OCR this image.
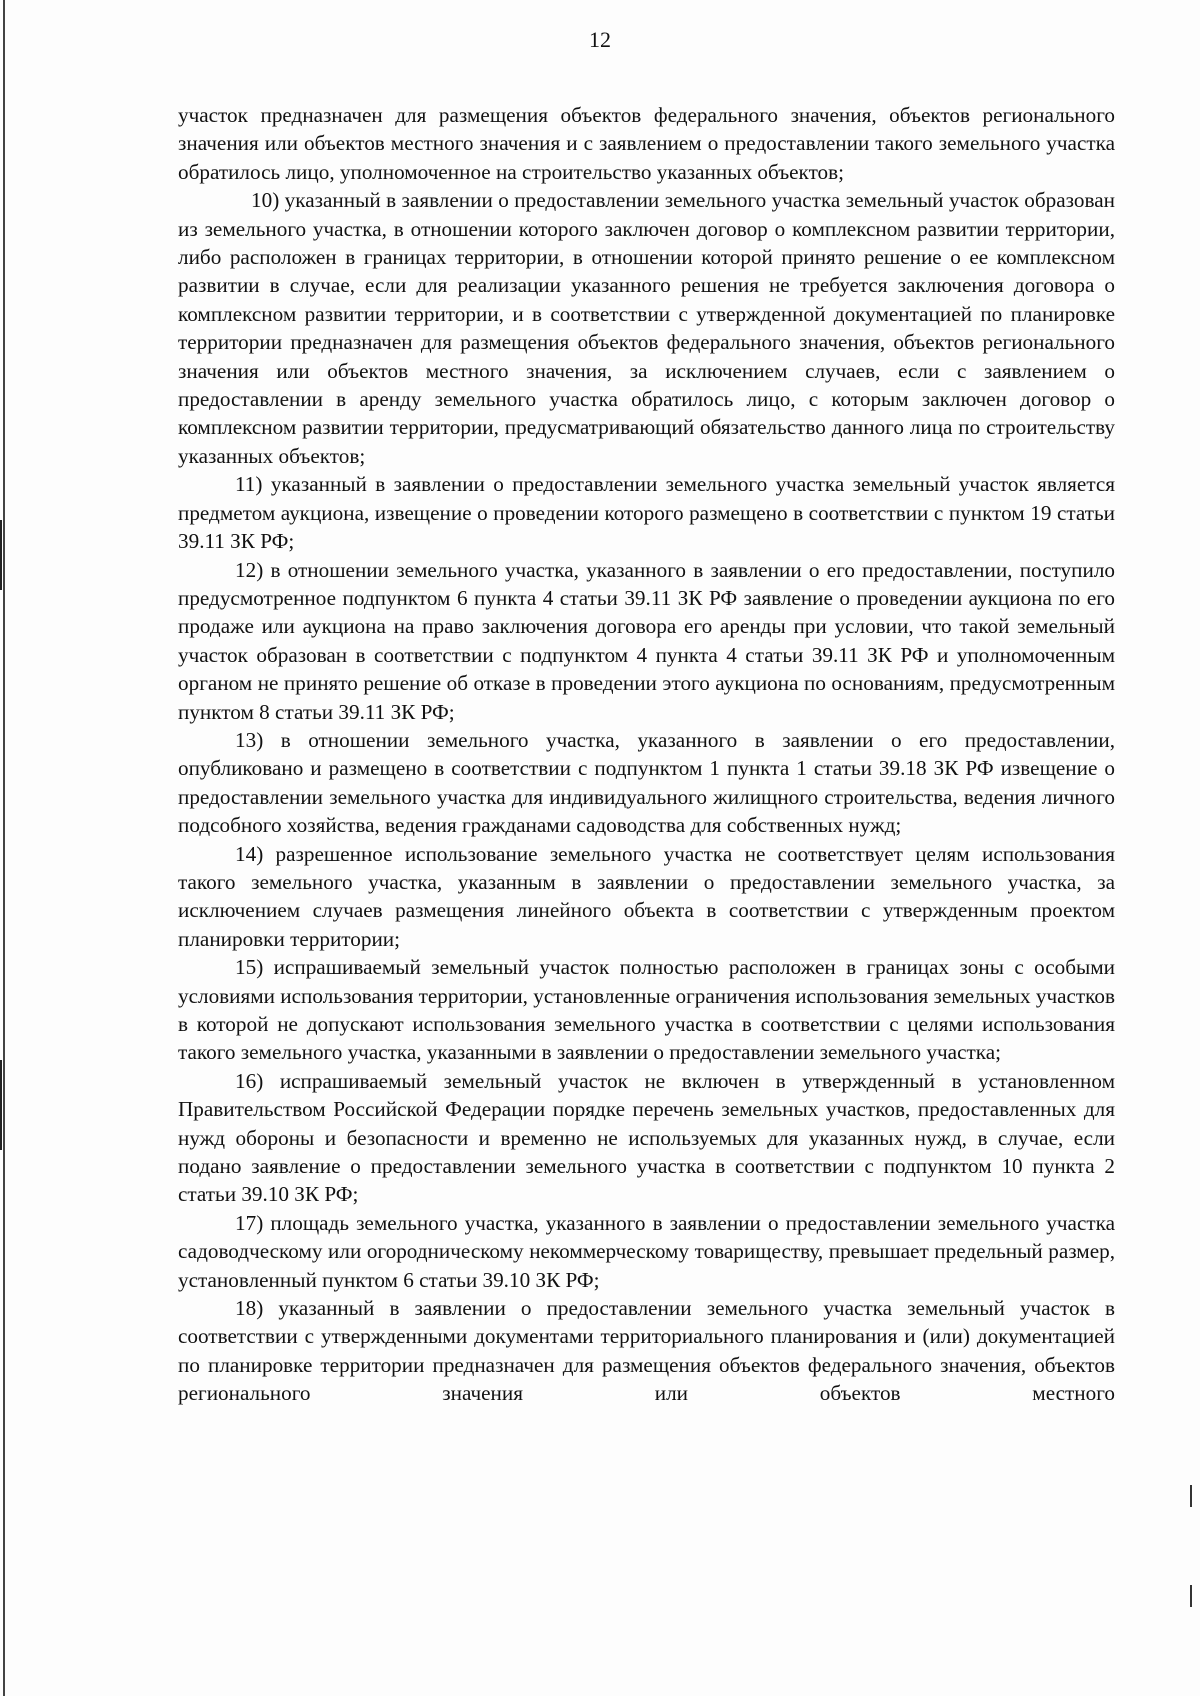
12

участок предназначен для размещения объектов федерального значения, объектов регионального значения или объектов местного значения и с заявлением о предоставлении такого земельного участка обратилось лицо, уполномоченное на строительство указанных объектов;

10) указанный в заявлении о предоставлении земельного участка земельный участок образован из земельного участка, в отношении которого заключен договор о комплексном развитии территории, либо расположен в границах территории, в отношении которой принято решение о ее комплексном развитии в случае, если для реализации указанного решения не требуется заключения договора о комплексном развитии территории, и в соответствии с утвержденной документацией по планировке территории предназначен для размещения объектов федерального значения, объектов регионального значения или объектов местного значения, за исключением случаев, если с заявлением о предоставлении в аренду земельного участка обратилось лицо, с которым заключен договор о комплексном развитии территории, предусматривающий обязательство данного лица по строительству указанных объектов;

11) указанный в заявлении о предоставлении земельного участка земельный участок является предметом аукциона, извещение о проведении которого размещено в соответствии с пунктом 19 статьи 39.11 ЗК РФ;

12) в отношении земельного участка, указанного в заявлении о его предоставлении, поступило предусмотренное подпунктом 6 пункта 4 статьи 39.11 ЗК РФ заявление о проведении аукциона по его продаже или аукциона на право заключения договора его аренды при условии, что такой земельный участок образован в соответствии с подпунктом 4 пункта 4 статьи 39.11 ЗК РФ и уполномоченным органом не принято решение об отказе в проведении этого аукциона по основаниям, предусмотренным пунктом 8 статьи 39.11 ЗК РФ;

13) в отношении земельного участка, указанного в заявлении о его предоставлении, опубликовано и размещено в соответствии с подпунктом 1 пункта 1 статьи 39.18 ЗК РФ извещение о предоставлении земельного участка для индивидуального жилищного строительства, ведения личного подсобного хозяйства, ведения гражданами садоводства для собственных нужд;

14) разрешенное использование земельного участка не соответствует целям использования такого земельного участка, указанным в заявлении о предоставлении земельного участка, за исключением случаев размещения линейного объекта в соответствии с утвержденным проектом планировки территории;

15) испрашиваемый земельный участок полностью расположен в границах зоны с особыми условиями использования территории, установленные ограничения использования земельных участков в которой не допускают использования земельного участка в соответствии с целями использования такого земельного участка, указанными в заявлении о предоставлении земельного участка;

16) испрашиваемый земельный участок не включен в утвержденный в установленном Правительством Российской Федерации порядке перечень земельных участков, предоставленных для нужд обороны и безопасности и временно не используемых для указанных нужд, в случае, если подано заявление о предоставлении земельного участка в соответствии с подпунктом 10 пункта 2 статьи 39.10 ЗК РФ;

17) площадь земельного участка, указанного в заявлении о предоставлении земельного участка садоводческому или огородническому некоммерческому товариществу, превышает предельный размер, установленный пунктом 6 статьи 39.10 ЗК РФ;

18) указанный в заявлении о предоставлении земельного участка земельный участок в соответствии с утвержденными документами территориального планирования и (или) документацией по планировке территории предназначен для размещения объектов федерального значения, объектов регионального значения или объектов местного
